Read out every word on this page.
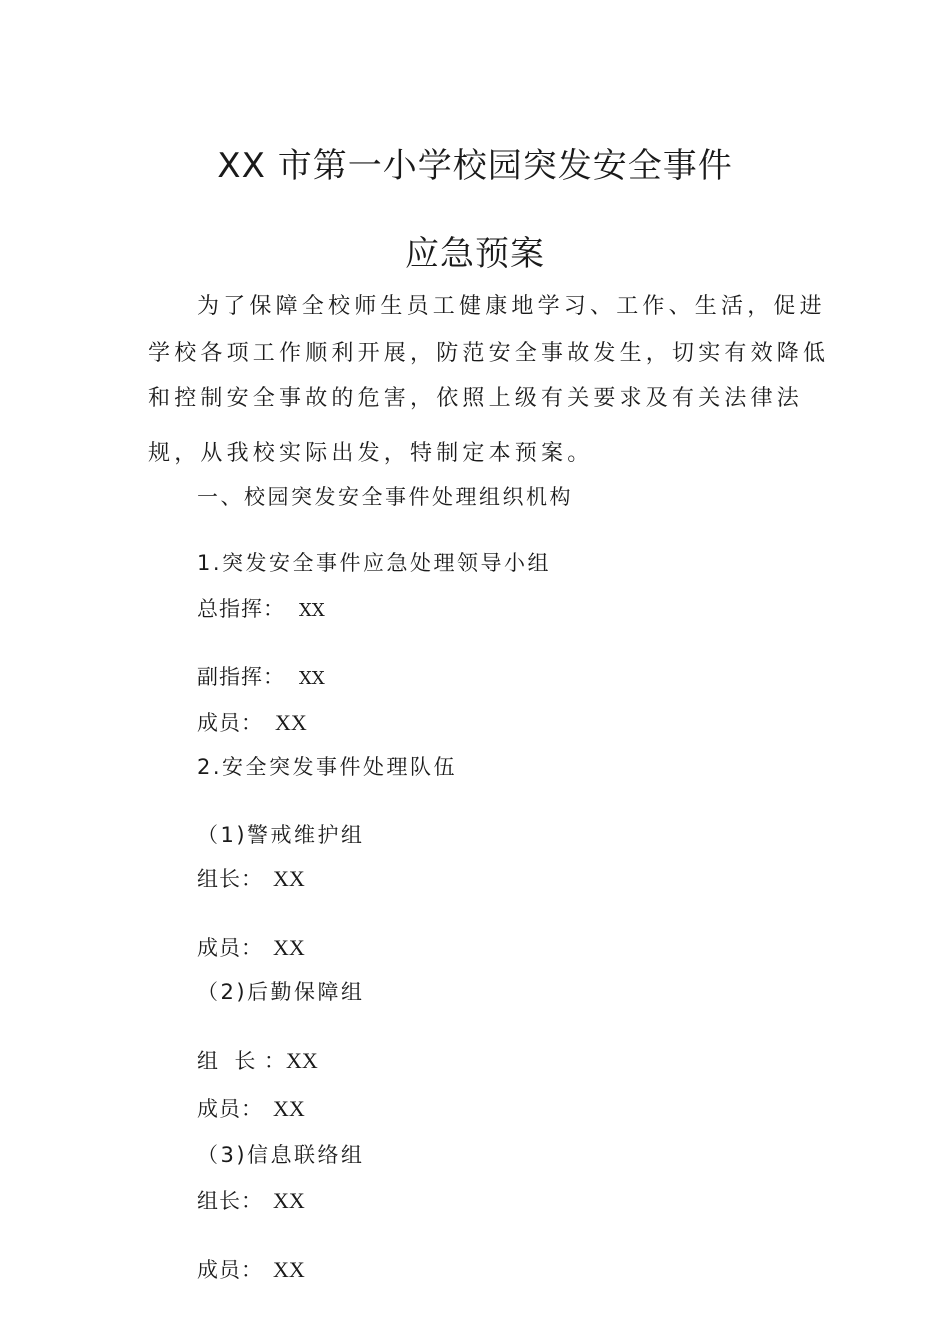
XX 市第一小学校园突发安全事件
应急预案

为了保障全校师生员工健康地学习、工作、生活，促进

学校各项工作顺利开展，防范安全事故发生，切实有效降低

和控制安全事故的危害，依照上级有关要求及有关法律法

规，从我校实际出发，特制定本预案。

一、校园突发安全事件处理组织机构

1.突发安全事件应急处理领导小组

总指挥： XX

副指挥： XX

成员： XX

2.安全突发事件处理队伍

（1)警戒维护组

组长： XX

成员： XX

（2)后勤保障组

组  长 ：XX

成员： XX

（3)信息联络组

组长： XX

成员： XX
